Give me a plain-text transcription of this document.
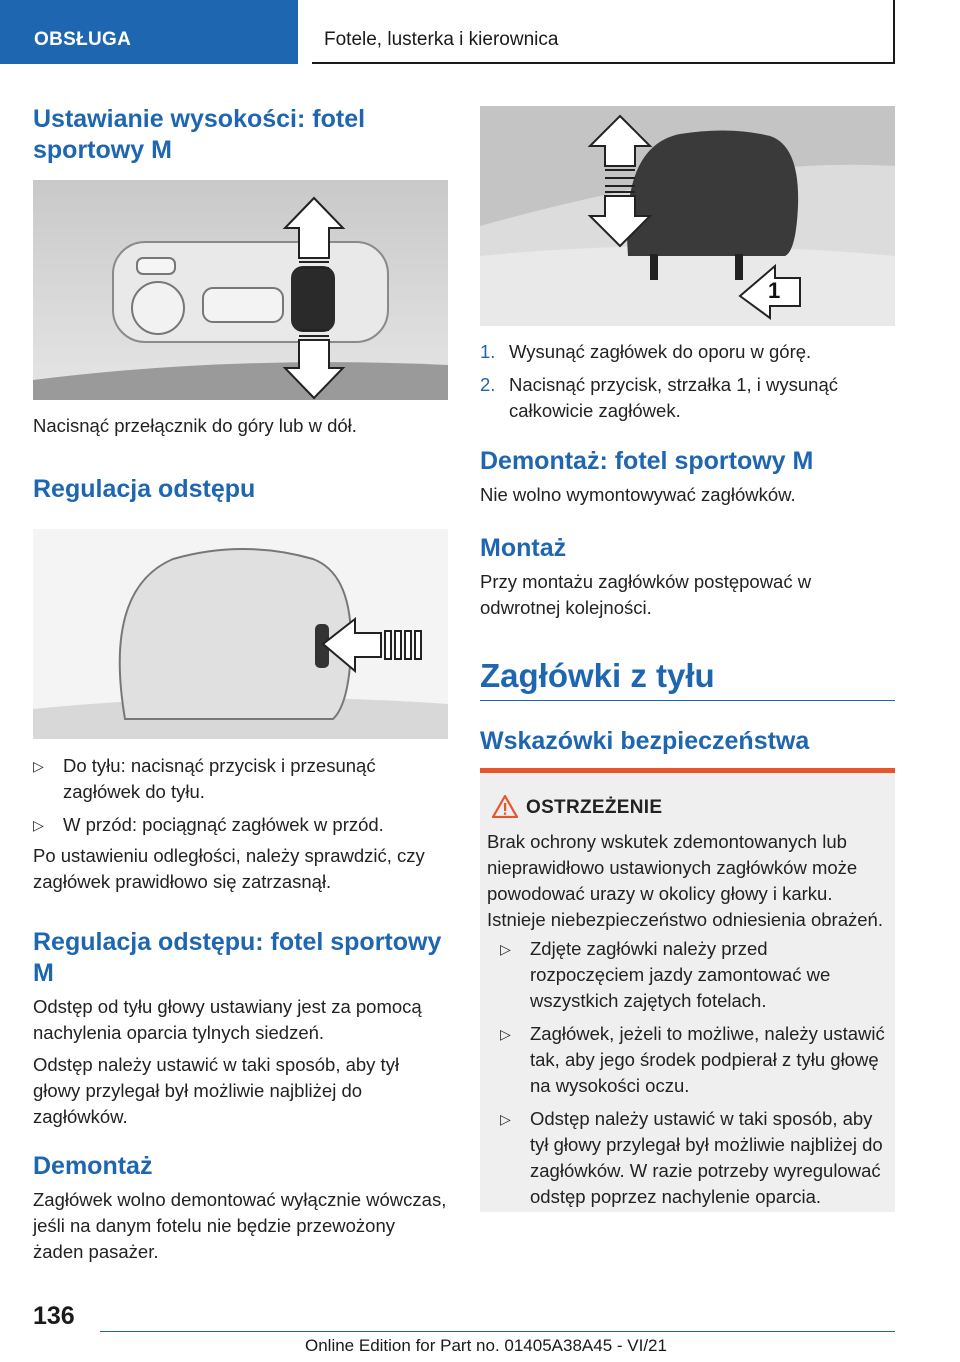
OBSŁUGA	Fotele, lusterka i kierownica
Ustawianie wysokości: fotel sportowy M

Nacisnąć przełącznik do góry lub w dół.

Regulacja odstępu
▷ Do tyłu: nacisnąć przycisk i przesunąć zagłówek do tyłu.
▷ W przód: pociągnąć zagłówek w przód.

Po ustawieniu odległości, należy sprawdzić, czy zagłówek prawidłowo się zatrzasnął.

Regulacja odstępu: fotel sportowy M

Odstęp od tyłu głowy ustawiany jest za pomocą nachylenia oparcia tylnych siedzeń.

Odstęp należy ustawić w taki sposób, aby tył głowy przylegał był możliwie najbliżej do zagłówków.

Demontaż

Zagłówek wolno demontować wyłącznie wówczas, jeśli na danym fotelu nie będzie przewożony żaden pasażer.

1
1. Wysunąć zagłówek do oporu w górę.
2. Nacisnąć przycisk, strzałka 1, i wysunąć całkowicie zagłówek.
Demontaż: fotel sportowy M

Nie wolno wymontowywać zagłówków.

Montaż

Przy montażu zagłówków postępować w odwrotnej kolejności.

Zagłówki z tyłu
Wskazówki bezpieczeństwa
OSTRZEŻENIE

Brak ochrony wskutek zdemontowanych lub nieprawidłowo ustawionych zagłówków może powodować urazy w okolicy głowy i karku. Istnieje niebezpieczeństwo odniesienia obrażeń.

▷ Zdjęte zagłówki należy przed rozpoczęciem jazdy zamontować we wszystkich zajętych fotelach.
▷ Zagłówek, jeżeli to możliwe, należy ustawić tak, aby jego środek podpierał z tyłu głowę na wysokości oczu.
▷ Odstęp należy ustawić w taki sposób, aby tył głowy przylegał był możliwie najbliżej do zagłówków. W razie potrzeby wyregulować odstęp poprzez nachylenie oparcia.
136
Online Edition for Part no. 01405A38A45 - VI/21
